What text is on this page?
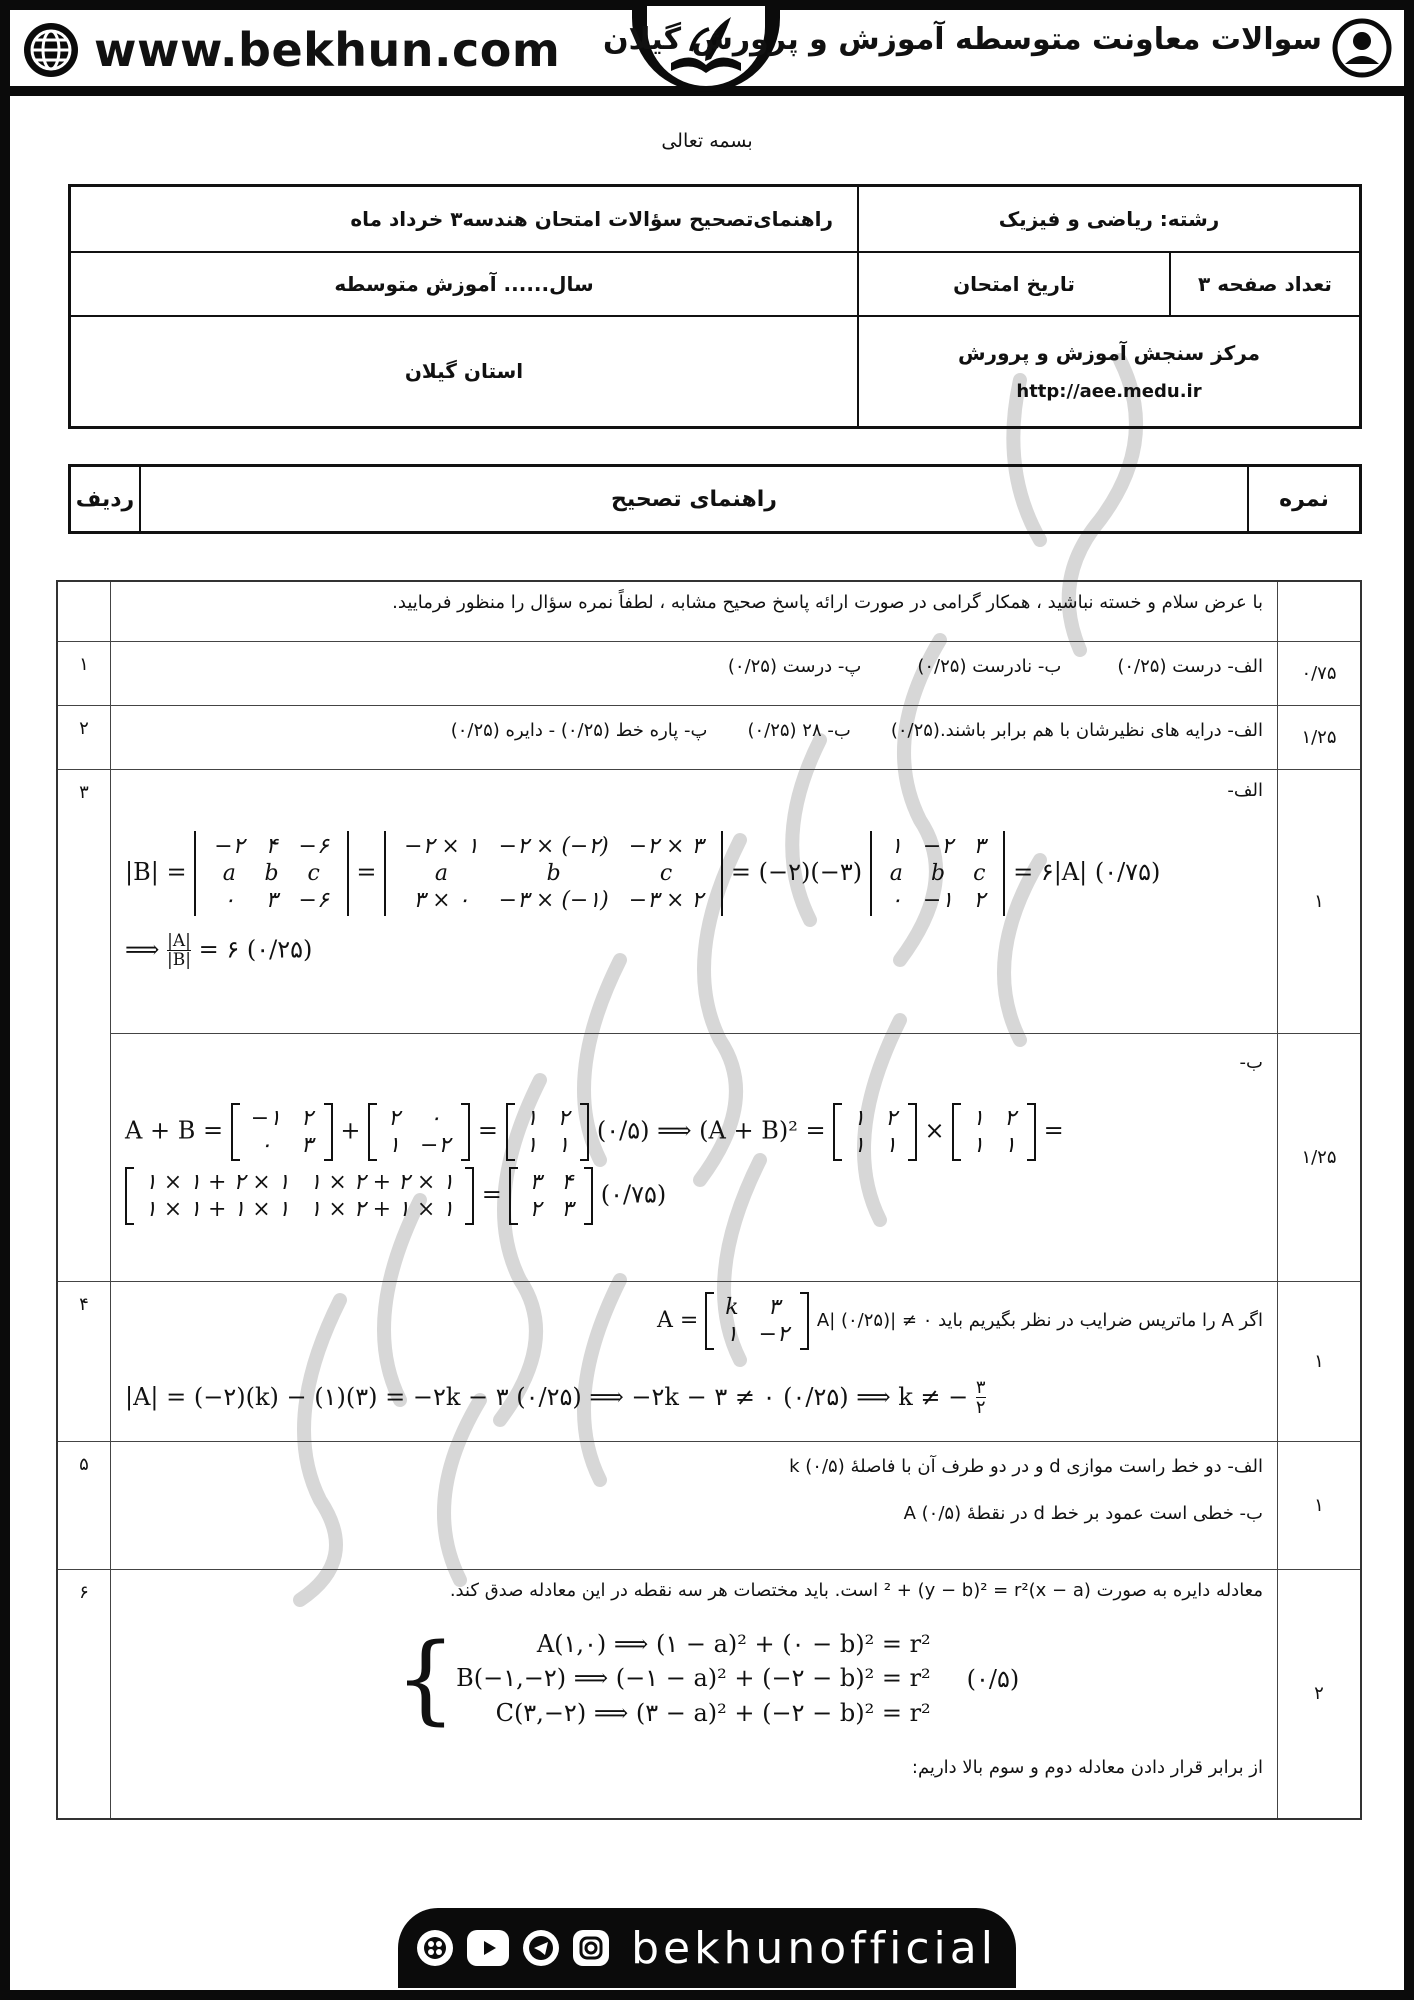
www.bekhun.com سوالات معاونت متوسطه آموزش و پرورش گیلان
بسمه تعالی
راهنمای‌تصحیح سؤالات امتحان هندسه۳ خرداد ماه	رشته: ریاضی و فیزیک	
سال...... آموزش متوسطه	تاریخ امتحان	تعداد صفحه ۳
استان گیلان	مرکز سنجش آموزش و پرورش
http://aee.medu.ir	
ردیف	راهنمای تصحیح	نمره

با عرض سلام و خسته نباشید ، همکار گرامی در صورت ارائه پاسخ صحیح مشابه ، لطفاً نمره سؤال را منظور فرمایید.

۱	الف- درست (۰/۲۵)
ب- نادرست (۰/۲۵)
پ- درست (۰/۲۵)	۰/۷۵
۲	الف- درایه های نظیرشان با هم برابر باشند.(۰/۲۵)
ب- ۲۸ (۰/۲۵)
پ- پاره خط (۰/۲۵) - دایره (۰/۲۵)	۱/۲۵
۳	الف-
|B| =
−۲	۴	−۶
a	b	c
۰	۳	−۶
=
−۲ × ۱	−۲ × (−۲)	−۲ × ۳
a	b	c
۳ × ۰	−۳ × (−۱)	−۳ × ۲
= (−۲)(−۳)
۱	−۲	۳
a	b	c
۰	−۱	۲
= ۶|A| (۰/۷۵)
⟹ $\frac{|A|}{|B|}$ = ۶ (۰/۲۵)
	۱

ب-
A + B = −۱	۲
۰	۳
+ ۲	۰
۱	−۲
= ۱	۲
۱	۱
(۰/۵) ⟹ (A + B)² = ۱	۲
۱	۱
× ۱	۲
۱	۱
=
۱ × ۱ + ۲ × ۱	۱ × ۲ + ۲ × ۱
۱ × ۱ + ۱ × ۱	۱ × ۲ + ۱ × ۱
= ۳	۴
۲	۳
(۰/۷۵)
	۱/۲۵
۴	
اگر A را ماتریس ضرایب در نظر بگیریم باید ۰ ≠ |A| (۰/۲۵)
A =
k	۳
۱	−۲
|A| = (−۲)(k) − (۱)(۳) = −۲k − ۳ (۰/۲۵) ⟹ −۲k − ۳ ≠ ۰ (۰/۲۵) ⟹ k ≠ − ۳
۲
	۱
۵	الف- دو خط راست موازی d و در دو طرف آن با فاصلهٔ k (۰/۵)
ب- خطی است عمود بر خط d در نقطهٔ A (۰/۵)	۱
۶	معادله دایره به صورت (x − a)² + (y − b)² = r² است. باید مختصات هر سه نقطه در این معادله صدق کند.
{	A(۱,۰) ⟹ (۱ − a)² + (۰ − b)² = r²
B(−۱,−۲) ⟹ (−۱ − a)² + (−۲ − b)² = r²
C(۳,−۲) ⟹ (۳ − a)² + (−۲ − b)² = r²
(۰/۵)
از برابر قرار دادن معادله دوم و سوم بالا داریم:
	۲
bekhunofficial
